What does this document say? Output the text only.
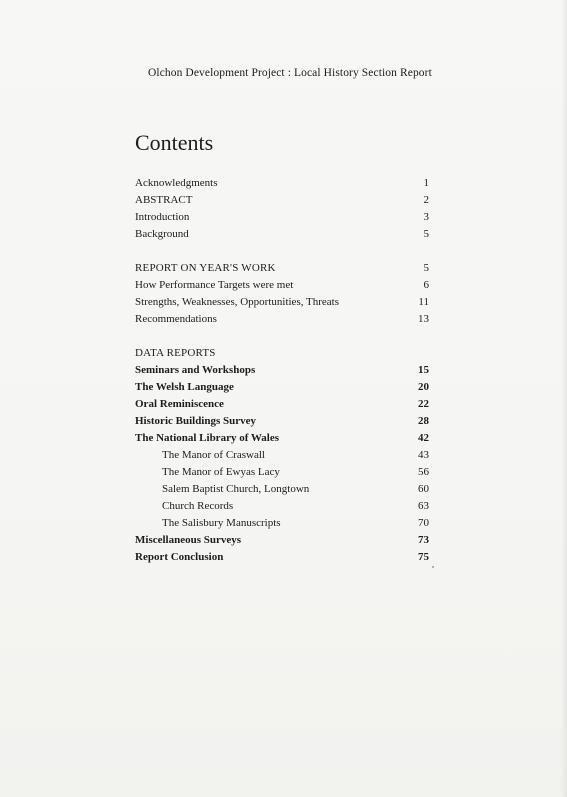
Olchon Development Project : Local History Section Report
Contents
Acknowledgments	1
ABSTRACT	2
Introduction	3
Background	5
REPORT ON YEAR'S WORK	5
How Performance Targets were met	6
Strengths, Weaknesses, Opportunities, Threats	11
Recommendations	13
DATA REPORTS
Seminars and Workshops	15
The Welsh Language	20
Oral Reminiscence	22
Historic Buildings Survey	28
The National Library of Wales	42
The Manor of Craswall	43
The Manor of Ewyas Lacy	56
Salem Baptist Church, Longtown	60
Church Records	63
The Salisbury Manuscripts	70
Miscellaneous Surveys	73
Report Conclusion	75
